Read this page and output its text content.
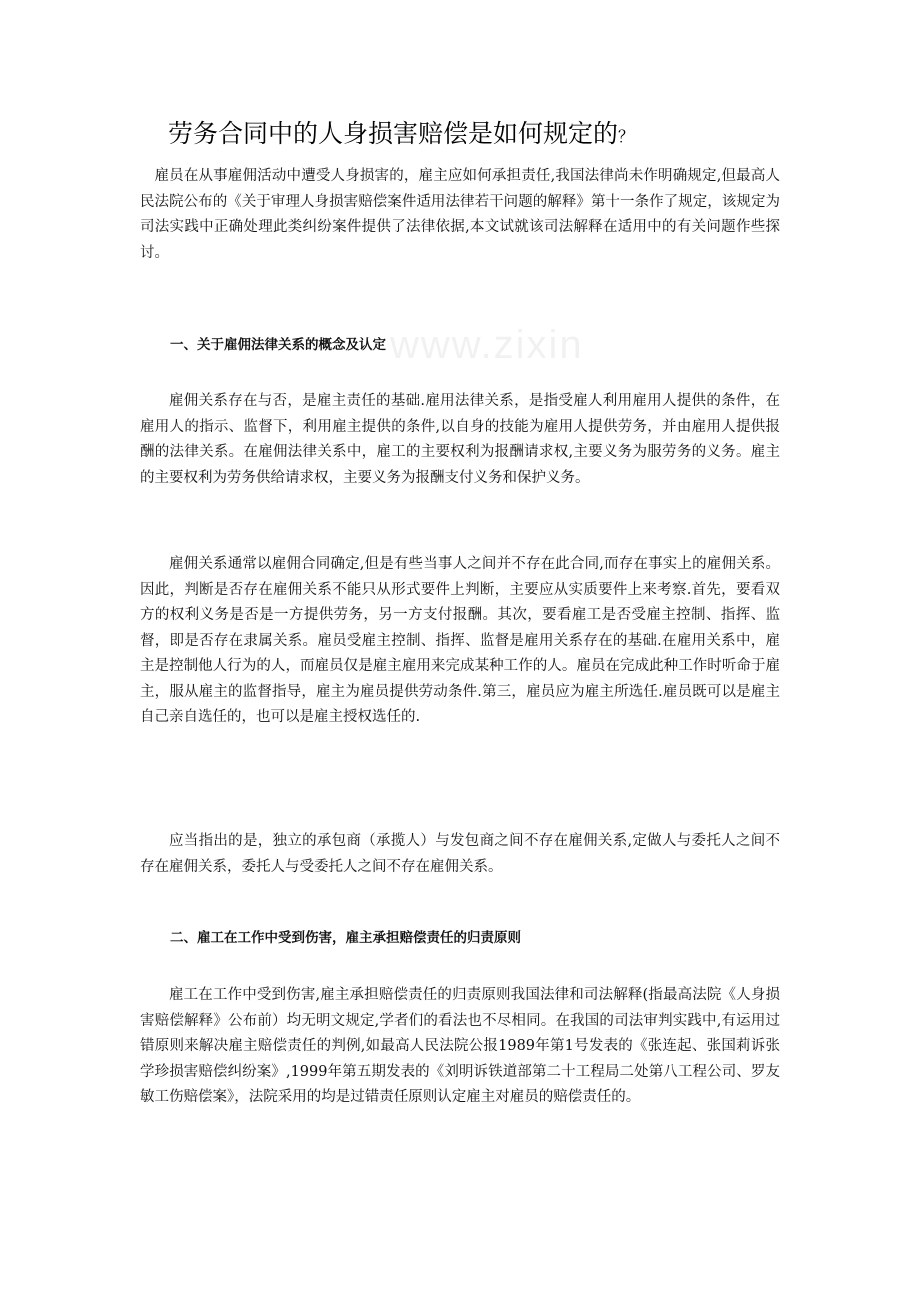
www.zixin
劳务合同中的人身损害赔偿是如何规定的？

雇员在从事雇佣活动中遭受人身损害的，雇主应如何承担责任,我国法律尚未作明确规定,但最高人民法院公布的《关于审理人身损害赔偿案件适用法律若干问题的解释》第十一条作了规定，该规定为司法实践中正确处理此类纠纷案件提供了法律依据,本文试就该司法解释在适用中的有关问题作些探讨。

一、关于雇佣法律关系的概念及认定

雇佣关系存在与否，是雇主责任的基础.雇用法律关系，是指受雇人利用雇用人提供的条件，在雇用人的指示、监督下，利用雇主提供的条件,以自身的技能为雇用人提供劳务，并由雇用人提供报酬的法律关系。在雇佣法律关系中，雇工的主要权利为报酬请求权,主要义务为服劳务的义务。雇主的主要权利为劳务供给请求权，主要义务为报酬支付义务和保护义务。

雇佣关系通常以雇佣合同确定,但是有些当事人之间并不存在此合同,而存在事实上的雇佣关系。因此，判断是否存在雇佣关系不能只从形式要件上判断，主要应从实质要件上来考察.首先，要看双方的权利义务是否是一方提供劳务，另一方支付报酬。其次，要看雇工是否受雇主控制、指挥、监督，即是否存在隶属关系。雇员受雇主控制、指挥、监督是雇用关系存在的基础.在雇用关系中，雇主是控制他人行为的人，而雇员仅是雇主雇用来完成某种工作的人。雇员在完成此种工作时听命于雇主，服从雇主的监督指导，雇主为雇员提供劳动条件.第三，雇员应为雇主所选任.雇员既可以是雇主自己亲自选任的，也可以是雇主授权选任的.

应当指出的是，独立的承包商（承揽人）与发包商之间不存在雇佣关系,定做人与委托人之间不存在雇佣关系，委托人与受委托人之间不存在雇佣关系。

二、雇工在工作中受到伤害，雇主承担赔偿责任的归责原则

雇工在工作中受到伤害,雇主承担赔偿责任的归责原则我国法律和司法解释(指最高法院《人身损害赔偿解释》公布前）均无明文规定,学者们的看法也不尽相同。在我国的司法审判实践中,有运用过错原则来解决雇主赔偿责任的判例,如最高人民法院公报1989年第1号发表的《张连起、张国莉诉张学珍损害赔偿纠纷案》,1999年第五期发表的《刘明诉铁道部第二十工程局二处第八工程公司、罗友敏工伤赔偿案》，法院采用的均是过错责任原则认定雇主对雇员的赔偿责任的。
